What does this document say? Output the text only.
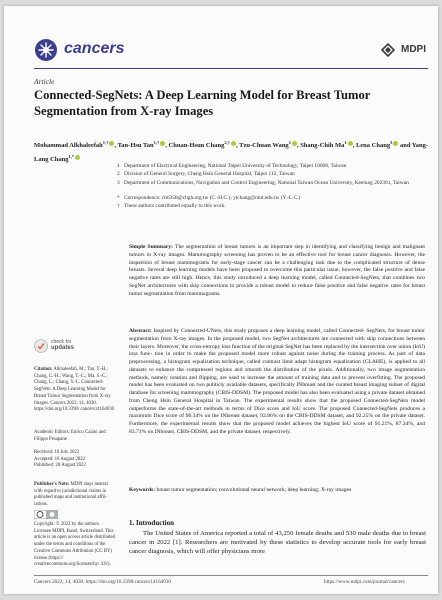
cancers	MDPI
Article
Connected-SegNets: A Deep Learning Model for Breast Tumor Segmentation from X-ray Images
Mohammad Alkhaleefah$^{1,\dagger}$ , Tan-Hsu Tan$^{1,\dagger}$ , Chuan-Hsun Chang$^{2,\dagger}$ , Tzu-Chuan Wang$^1$ , Shang-Chih Ma$^1$ , Lena Chang$^3$ and Yang-Lang Chang$^{1,*}$
1 Department of Electrical Engineering, National Taipei University of Technology, Taipei 10608, Taiwan
2 Division of General Surgery, Cheng Hsin General Hospital, Taipei 112, Taiwan
3 Department of Communications, Navigation and Control Engineering, National Taiwan Ocean University, Keelung 202301, Taiwan
* Correspondence: ch6358@chgh.org.tw (C.-H.C.); ylchang@ntut.edu.tw (Y.-L.C.)
† These authors contributed equally to this work.
Simple Summary: The segmentation of breast tumors is an important step in identifying and classifying benign and malignant tumors in X-ray images. Mammography screening has proven to be an effective tool for breast cancer diagnosis. However, the inspection of breast mammograms for early-stage cancer can be a challenging task due to the complicated structure of dense breasts. Several deep learning models have been proposed to overcome this particular issue; however, the false positive and false negative rates are still high. Hence, this study introduced a deep learning model, called Connected-SegNets, that combines two SegNet architectures with skip connections to provide a robust model to reduce false positive and false negative rates for breast tumor segmentation from mammograms.
check for
updates
Citation: Alkhaleefah, M.; Tan, T.-H.; Chang, C.-H.; Wang, T.-C.; Ma, S.-C.; Chang, L.; Chang, Y.-L. Connected- SegNets: A Deep Learning Model for Breast Tumor Segmentation from X-ray Images. Cancers 2022, 14, 4030. https://doi.org/10.3390/ cancers14164030
Academic Editors: Enrico Caiani and Filippo Pesapane
Received: 18 July 2022
Accepted: 18 August 2022
Published: 20 August 2022
Publisher's Note: MDPI stays neutral with regard to jurisdictional claims in published maps and institutional affil- iations.
Copyright: © 2022 by the authors. Licensee MDPI, Basel, Switzerland. This article is an open access article distributed under the terms and conditions of the Creative Commons Attribution (CC BY) license (https:// creativecommons.org/licenses/by/ 4.0/).
Abstract: Inspired by Connected-UNets, this study proposes a deep learning model, called Connected- SegNets, for breast tumor segmentation from X-ray images. In the proposed model, two SegNet architectures are connected with skip connections between their layers. Moreover, the cross-entropy loss function of the original SegNet has been replaced by the intersection over union (IoU) loss func- tion in order to make the proposed model more robust against noise during the training process. As part of data preprocessing, a histogram equalization technique, called contrast limit adapt histogram equalization (CLAHE), is applied to all datasets to enhance the compressed regions and smooth the distribution of the pixels. Additionally, two image augmentation methods, namely rotation and flipping, are used to increase the amount of training data and to prevent overfitting. The proposed model has been evaluated on two publicly available datasets, specifically INbreast and the curated breast imaging subset of digital database for screening mammography (CBIS-DDSM). The proposed model has also been evaluated using a private dataset obtained from Cheng Hsin General Hospital in Taiwan. The experimental results show that the proposed Connected-SegNets model outperforms the state-of-the-art methods in terms of Dice score and IoU score. The proposed Connected-SegNets produces a maximum Dice score of 96.34% on the INbreast dataset, 92.86% on the CBIS-DDSM dataset, and 92.25% on the private dataset. Furthermore, the experimental results show that the proposed model achieves the highest IoU score of 91.21%, 87.34%, and 83.71% on INbreast, CBIS-DDSM, and the private dataset, respectively.
Keywords: breast tumor segmentation; convolutional neural network; deep learning; X-ray images
1. Introduction
The United States of America reported a total of 43,250 female deaths and 530 male deaths due to breast cancer in 2022 [1]. Researchers are motivated by these statistics to develop accurate tools for early breast cancer diagnosis, which will offer physicians more
Cancers 2022, 14, 4030. https://doi.org/10.3390/cancers14164030	https://www.mdpi.com/journal/cancers
